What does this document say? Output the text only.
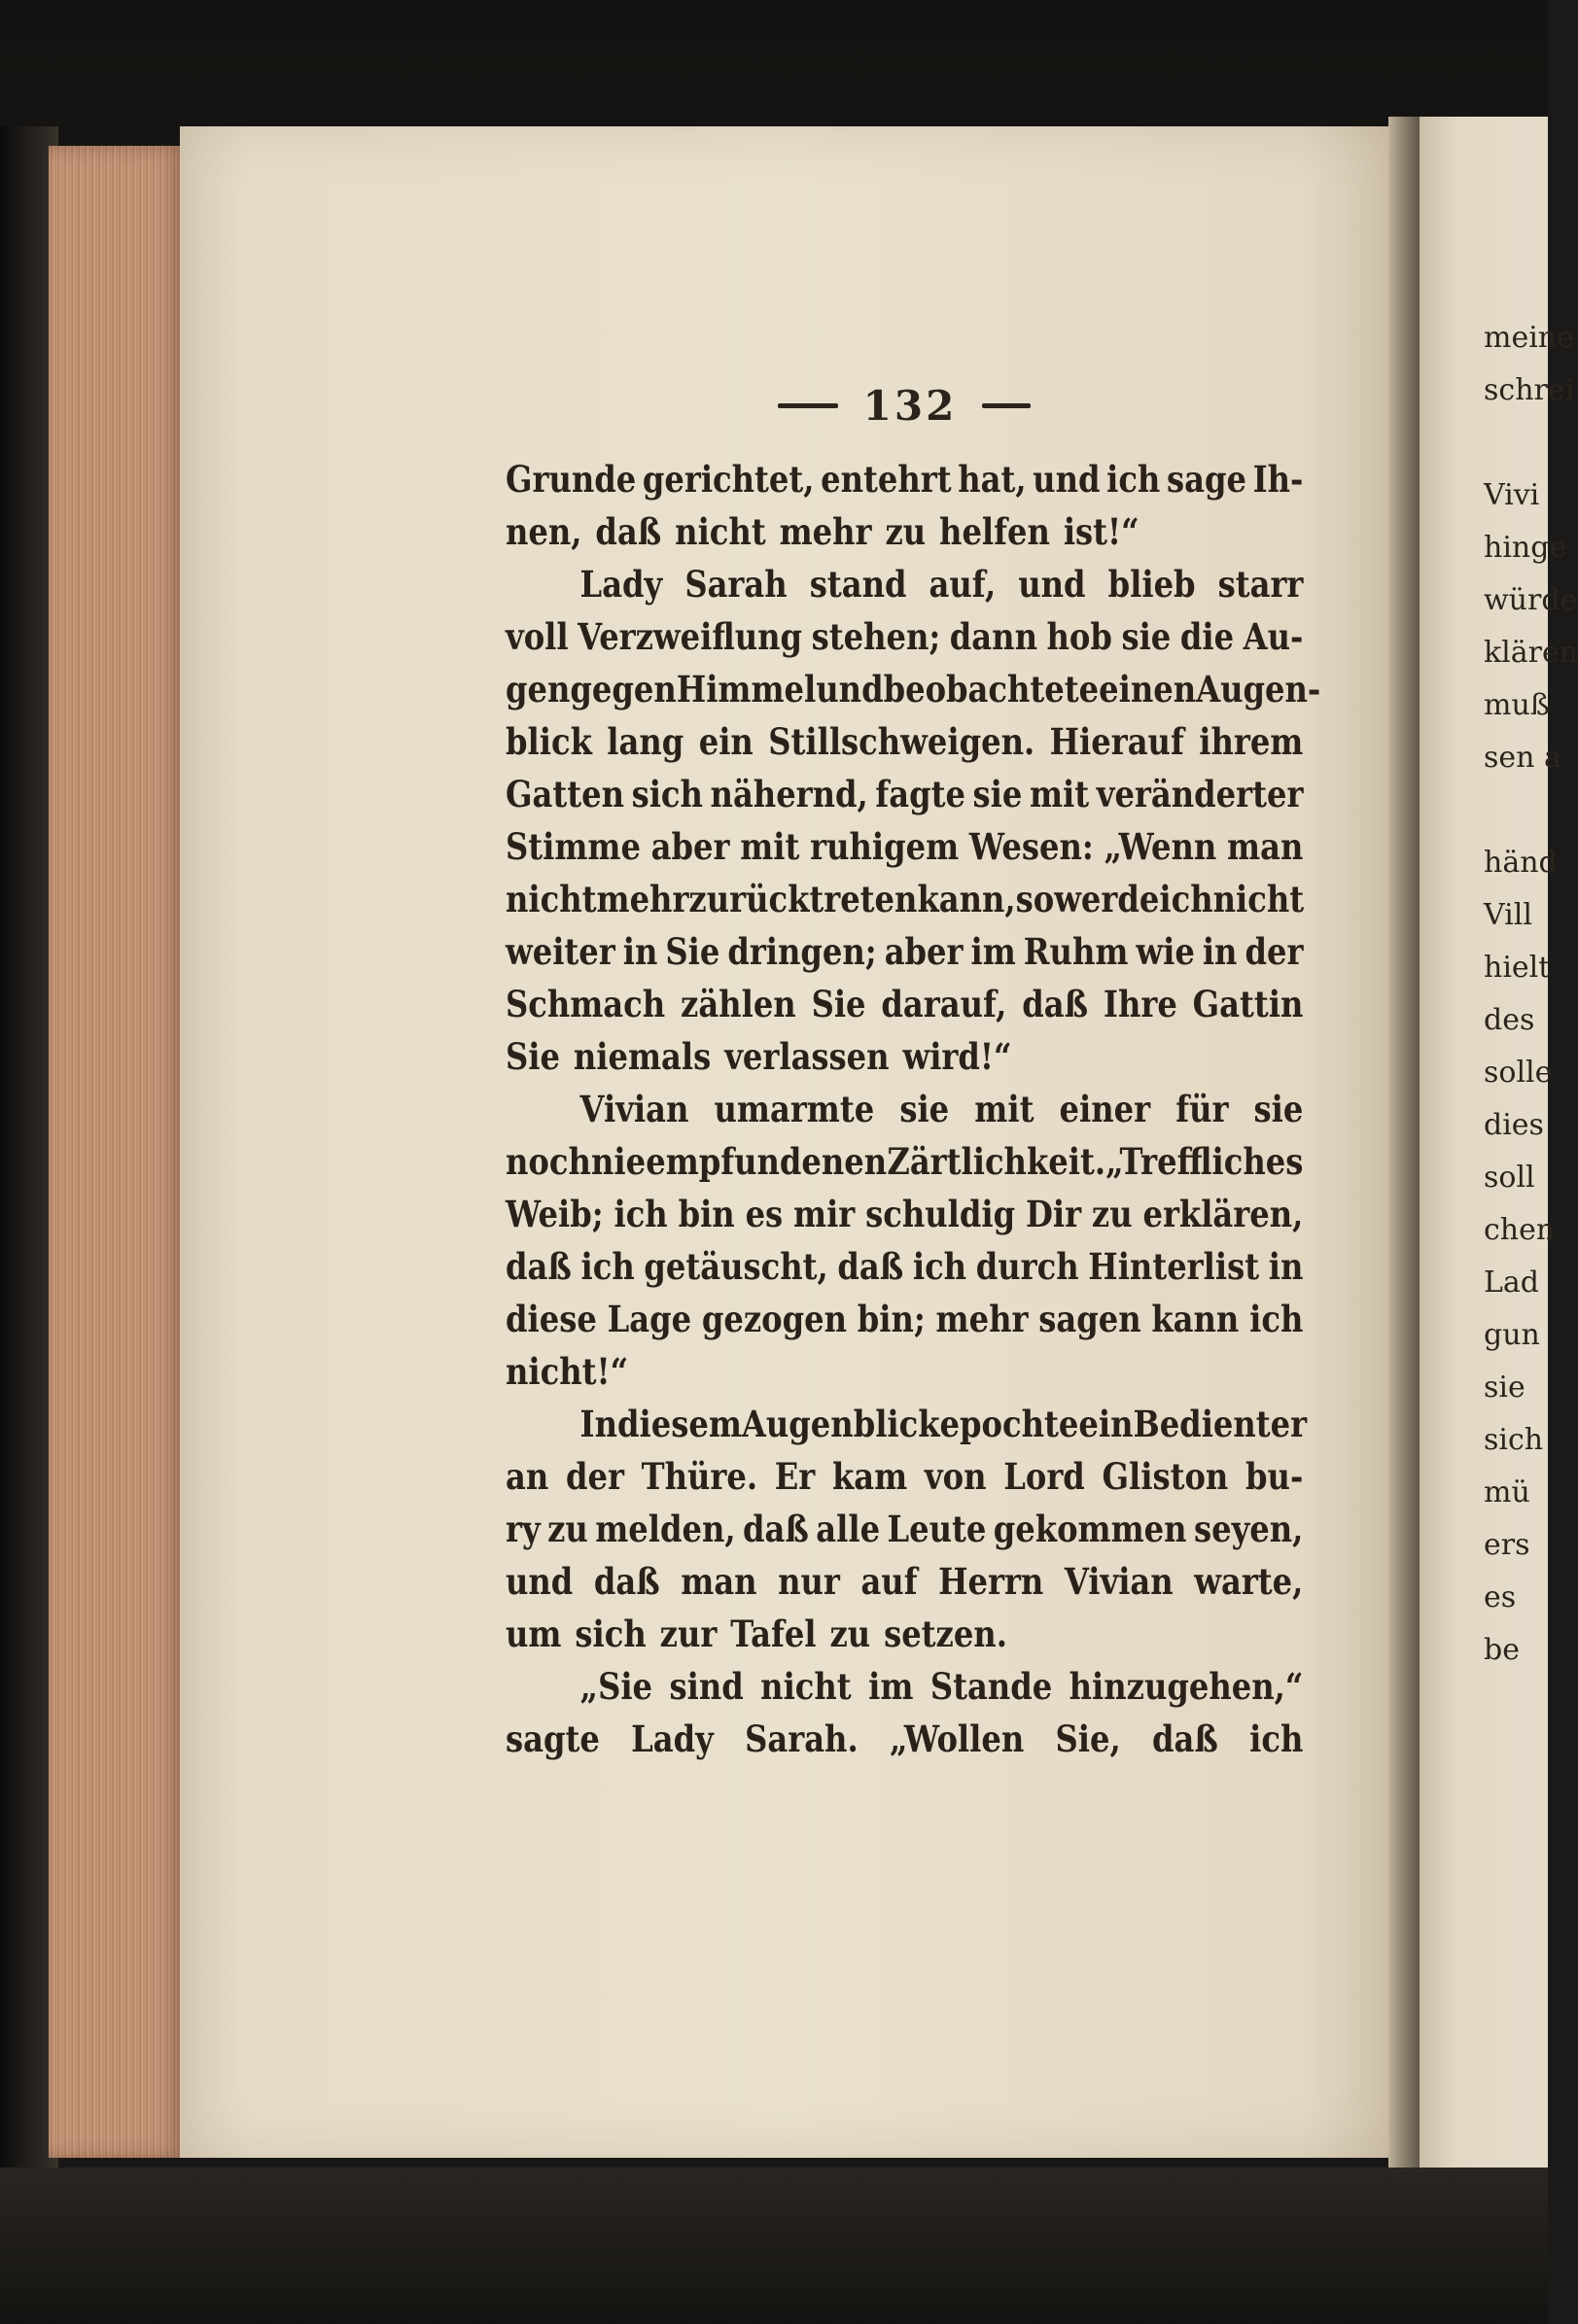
meine
schrei
Vivi
hinge
würde
klären
muß
sen a
händ
Vill
hielt
des
solle
dies
soll
chen
Lad
gun
sie
sich
mü
ers
es
be
132
Grunde gerichtet, entehrt hat, und ich sage Ih-
nen, daß nicht mehr zu helfen ist!“
Lady Sarah stand auf, und blieb starr
voll Verzweiflung stehen; dann hob sie die Au-
gen gegen Himmel und beobachtete einen Augen-
blick lang ein Stillschweigen. Hierauf ihrem
Gatten sich nähernd, fagte sie mit veränderter
Stimme aber mit ruhigem Wesen: „Wenn man
nicht mehr zurücktreten kann, so werde ich nicht
weiter in Sie dringen; aber im Ruhm wie in der
Schmach zählen Sie darauf, daß Ihre Gattin
Sie niemals verlassen wird!“
Vivian umarmte sie mit einer für sie
noch nie empfundenen Zärtlichkeit. „Treffliches
Weib; ich bin es mir schuldig Dir zu erklären,
daß ich getäuscht, daß ich durch Hinterlist in
diese Lage gezogen bin; mehr sagen kann ich
nicht!“
In diesem Augenblicke pochte ein Bedienter
an der Thüre. Er kam von Lord Gliston bu-
ry zu melden, daß alle Leute gekommen seyen,
und daß man nur auf Herrn Vivian warte,
um sich zur Tafel zu setzen.
„Sie sind nicht im Stande hinzugehen,“
sagte Lady Sarah. „Wollen Sie, daß ich
